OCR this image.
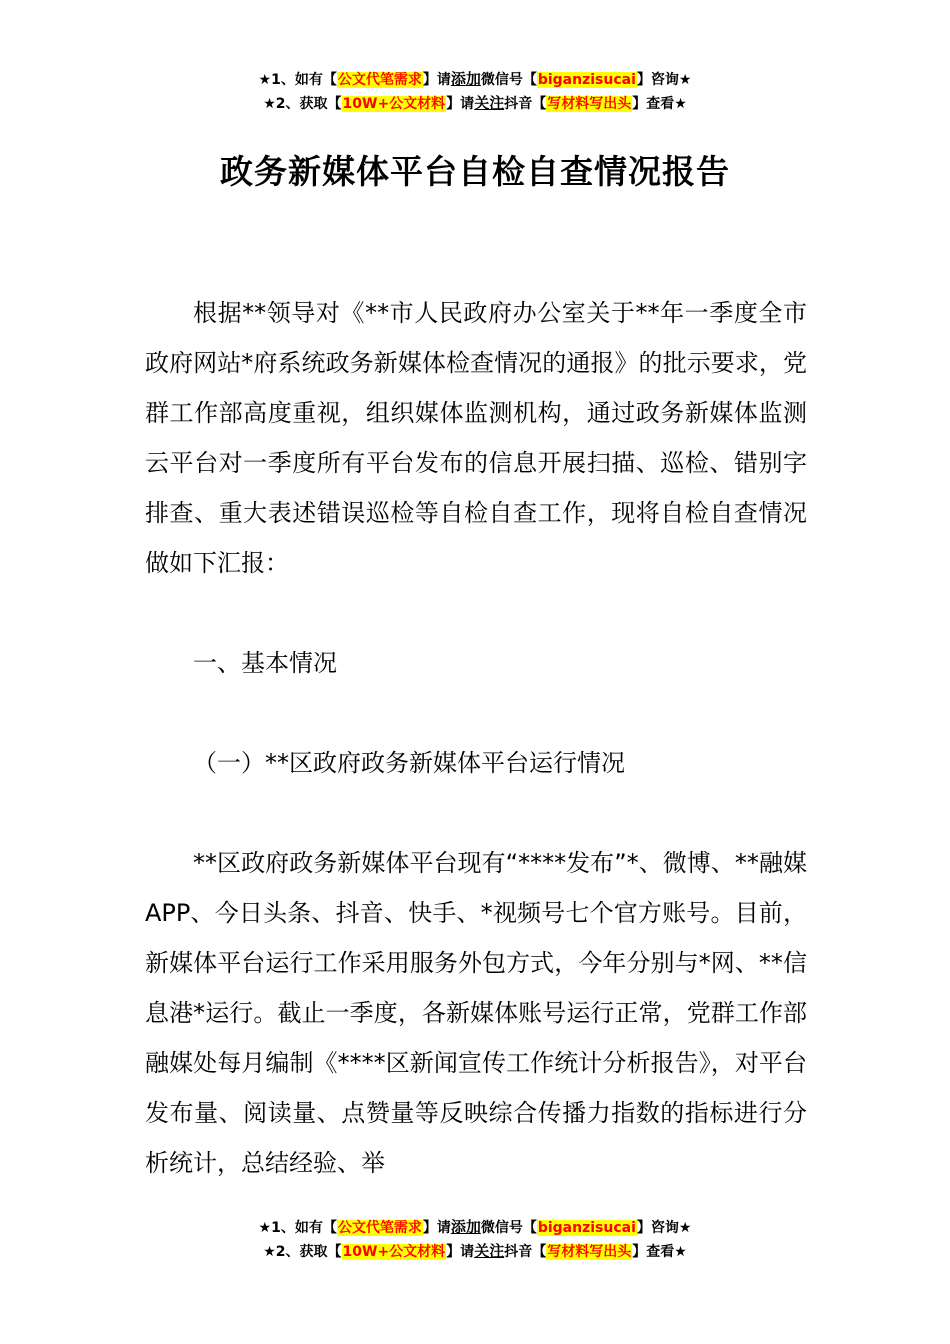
★1、如有【公文代笔需求】请添加微信号【biganzisucai】咨询★
★2、获取【10W+公文材料】请关注抖音【写材料写出头】查看★
政务新媒体平台自检自查情况报告

根据**领导对《**市人民政府办公室关于**年一季度全市政府网站*府系统政务新媒体检查情况的通报》的批示要求，党群工作部高度重视，组织媒体监测机构，通过政务新媒体监测云平台对一季度所有平台发布的信息开展扫描、巡检、错别字排查、重大表述错误巡检等自检自查工作，现将自检自查情况做如下汇报：

一、基本情况

（一）**区政府政务新媒体平台运行情况

**区政府政务新媒体平台现有“****发布”*、微博、**融媒APP、今日头条、抖音、快手、*视频号七个官方账号。目前，新媒体平台运行工作采用服务外包方式，今年分别与*网、**信息港*运行。截止一季度，各新媒体账号运行正常，党群工作部融媒处每月编制《****区新闻宣传工作统计分析报告》，对平台发布量、阅读量、点赞量等反映综合传播力指数的指标进行分析统计，总结经验、举

★1、如有【公文代笔需求】请添加微信号【biganzisucai】咨询★
★2、获取【10W+公文材料】请关注抖音【写材料写出头】查看★
